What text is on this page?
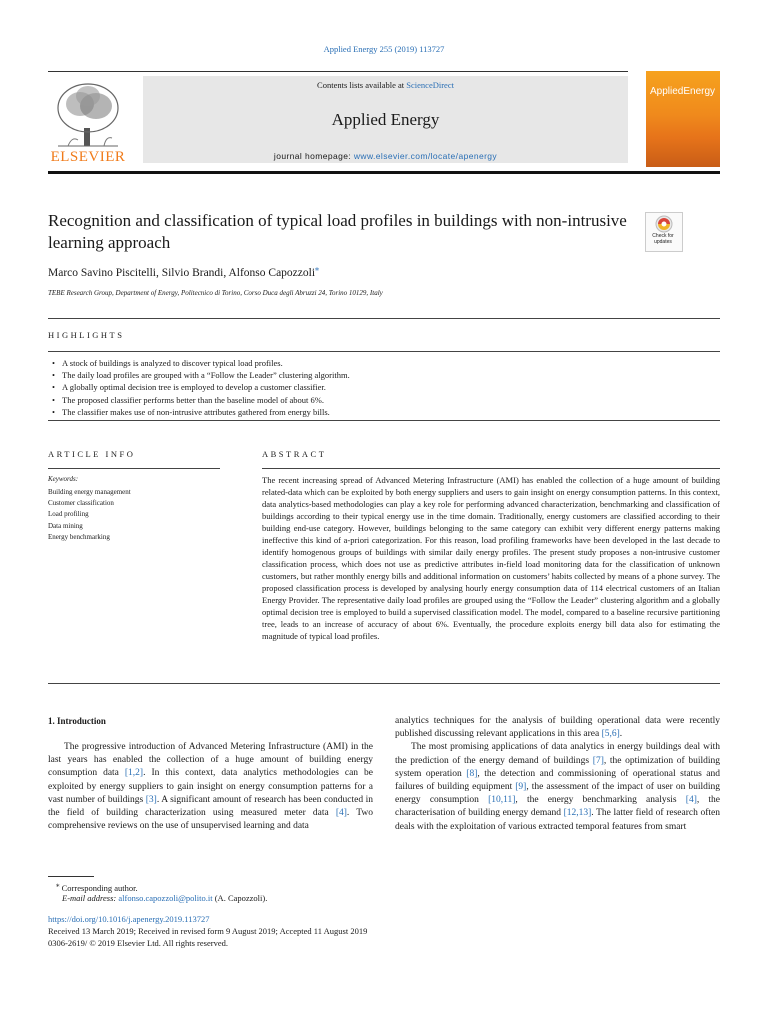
Applied Energy 255 (2019) 113727
ELSEVIER
Contents lists available at ScienceDirect
Applied Energy
journal homepage: www.elsevier.com/locate/apenergy
AppliedEnergy
Recognition and classification of typical load profiles in buildings with non-intrusive learning approach	Check for updates
Marco Savino Piscitelli, Silvio Brandi, Alfonso Capozzoli⁎
TEBE Research Group, Department of Energy, Politecnico di Torino, Corso Duca degli Abruzzi 24, Torino 10129, Italy
HIGHLIGHTS
• A stock of buildings is analyzed to discover typical load profiles.
• The daily load profiles are grouped with a “Follow the Leader” clustering algorithm.
• A globally optimal decision tree is employed to develop a customer classifier.
• The proposed classifier performs better than the baseline model of about 6%.
• The classifier makes use of non-intrusive attributes gathered from energy bills.
ARTICLE INFO
Keywords:
Building energy management
Customer classification
Load profiling
Data mining
Energy benchmarking
ABSTRACT
The recent increasing spread of Advanced Metering Infrastructure (AMI) has enabled the collection of a huge amount of building related-data which can be exploited by both energy suppliers and users to gain insight on energy consumption patterns. In this context, data analytics-based methodologies can play a key role for performing advanced characterization, benchmarking and classification of buildings according to their typical energy use in the time domain. Traditionally, energy customers are classified according to their building end-use category. However, buildings belonging to the same category can exhibit very different energy patterns making ineffective this kind of a-priori categorization. For this reason, load profiling frameworks have been developed in the last decade to identify homogenous groups of buildings with similar daily energy profiles. The present study proposes a non-intrusive customer classification process, which does not use as predictive attributes in-field load monitoring data for the classification of unknown customers, but rather monthly energy bills and additional information on customers’ habits collected by means of a phone survey. The proposed classification process is developed by analysing hourly energy consumption data of 114 electrical customers of an Italian Energy Provider. The representative daily load profiles are grouped using the “Follow the Leader” clustering algorithm and a globally optimal decision tree is employed to build a supervised classification model. The model, compared to a baseline recursive partitioning tree, leads to an increase of accuracy of about 6%. Eventually, the procedure exploits energy bill data also for estimating the magnitude of typical load profiles.
1. Introduction

The progressive introduction of Advanced Metering Infrastructure (AMI) in the last years has enabled the collection of a huge amount of building energy consumption data [1,2]. In this context, data analytics methodologies can be exploited by energy suppliers to gain insight on energy consumption patterns for a vast number of buildings [3]. A significant amount of research has been conducted in the field of building characterization using measured meter data [4]. Two comprehensive reviews on the use of unsupervised learning and data

analytics techniques for the analysis of building operational data were recently published discussing relevant applications in this area [5,6].

The most promising applications of data analytics in energy buildings deal with the prediction of the energy demand of buildings [7], the optimization of building system operation [8], the detection and commissioning of operational status and failures of building equipment [9], the assessment of the impact of user on building energy consumption [10,11], the energy benchmarking analysis [4], the characterisation of building energy demand [12,13]. The latter field of research often deals with the exploitation of various extracted temporal features from smart

⁎ Corresponding author.
E-mail address: alfonso.capozzoli@polito.it (A. Capozzoli).
https://doi.org/10.1016/j.apenergy.2019.113727
Received 13 March 2019; Received in revised form 9 August 2019; Accepted 11 August 2019
0306-2619/ © 2019 Elsevier Ltd. All rights reserved.
